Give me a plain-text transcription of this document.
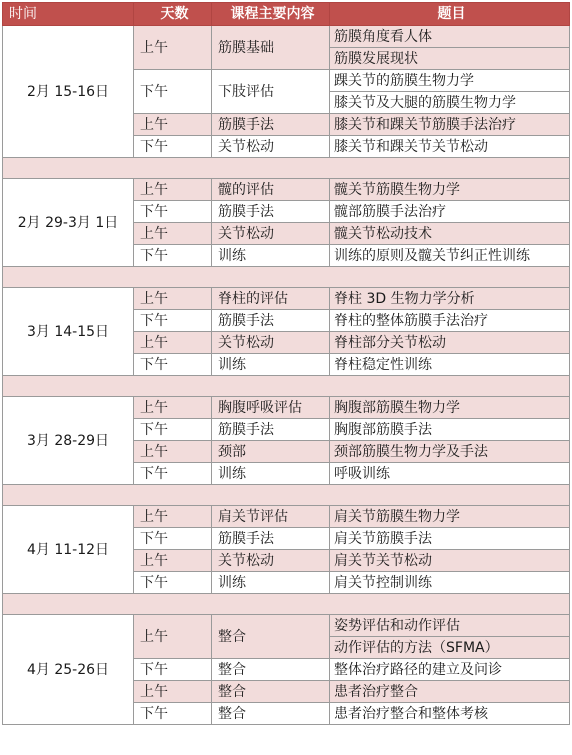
时间	天数	课程主要内容	题目
2月 15-16日	上午	筋膜基础	筋膜角度看人体
			筋膜发展现状
	下午	下肢评估	踝关节的筋膜生物力学
			膝关节及大腿的筋膜生物力学
	上午	筋膜手法	膝关节和踝关节筋膜手法治疗
	下午	关节松动	膝关节和踝关节关节松动

2月 29-3月 1日	上午	髋的评估	髋关节筋膜生物力学
	下午	筋膜手法	髋部筋膜手法治疗
	上午	关节松动	髋关节松动技术
	下午	训练	训练的原则及髋关节纠正性训练

3月 14-15日	上午	脊柱的评估	脊柱 3D 生物力学分析
	下午	筋膜手法	脊柱的整体筋膜手法治疗
	上午	关节松动	脊柱部分关节松动
	下午	训练	脊柱稳定性训练

3月 28-29日	上午	胸腹呼吸评估	胸腹部筋膜生物力学
	下午	筋膜手法	胸腹部筋膜手法
	上午	颈部	颈部筋膜生物力学及手法
	下午	训练	呼吸训练

4月 11-12日	上午	肩关节评估	肩关节筋膜生物力学
	下午	筋膜手法	肩关节筋膜手法
	上午	关节松动	肩关节关节松动
	下午	训练	肩关节控制训练

4月 25-26日	上午	整合	姿势评估和动作评估
			动作评估的方法（SFMA）
	下午	整合	整体治疗路径的建立及问诊
	上午	整合	患者治疗整合
	下午	整合	患者治疗整合和整体考核
